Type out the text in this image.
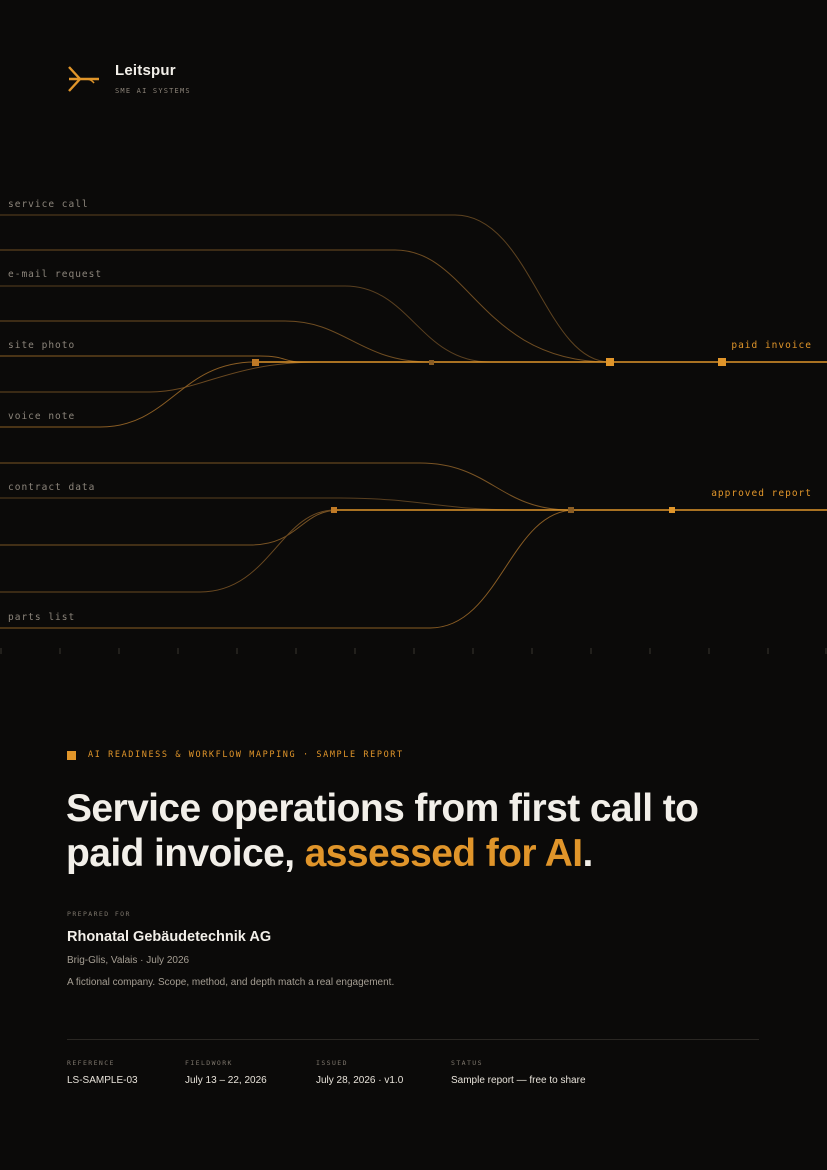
Leitspur
SME AI SYSTEMS
service call
e-mail request
site photo
voice note
paid invoice
contract data
parts list
approved report
AI READINESS & WORKFLOW MAPPING · SAMPLE REPORT
Service operations from first call to paid invoice, assessed for AI.
PREPARED FOR
Rhonatal Gebäudetechnik AG
Brig-Glis, Valais · July 2026
A fictional company. Scope, method, and depth match a real engagement.
REFERENCE
LS-SAMPLE-03
FIELDWORK
July 13 – 22, 2026
ISSUED
July 28, 2026 · v1.0
STATUS
Sample report — free to share
